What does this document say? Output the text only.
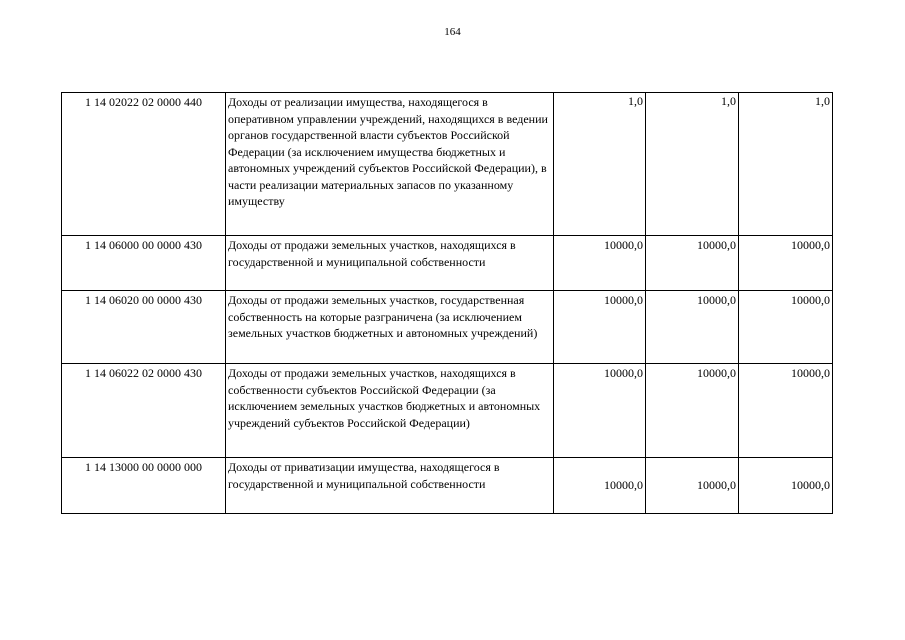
164
1 14 02022 02 0000 440	Доходы от реализации имущества, находящегося в оперативном управлении учреждений, находящихся в ведении органов государственной власти субъектов Российской Федерации (за исключением имущества бюджетных и автономных учреждений субъектов Российской Федерации), в части реализации материальных запасов по указанному имуществу	1,0	1,0	1,0
1 14 06000 00 0000 430	Доходы от продажи земельных участков, находящихся в государственной и муниципальной собственности	10000,0	10000,0	10000,0
1 14 06020 00 0000 430	Доходы от продажи земельных участков, государственная собственность на которые разграничена (за исключением земельных участков бюджетных и автономных учреждений)	10000,0	10000,0	10000,0
1 14 06022 02 0000 430	Доходы от продажи земельных участков, находящихся в собственности субъектов Российской Федерации (за исключением земельных участков бюджетных и автономных учреждений субъектов Российской Федерации)	10000,0	10000,0	10000,0
1 14 13000 00 0000 000	Доходы от приватизации имущества, находящегося в государственной и муниципальной собственности	10000,0	10000,0	10000,0
